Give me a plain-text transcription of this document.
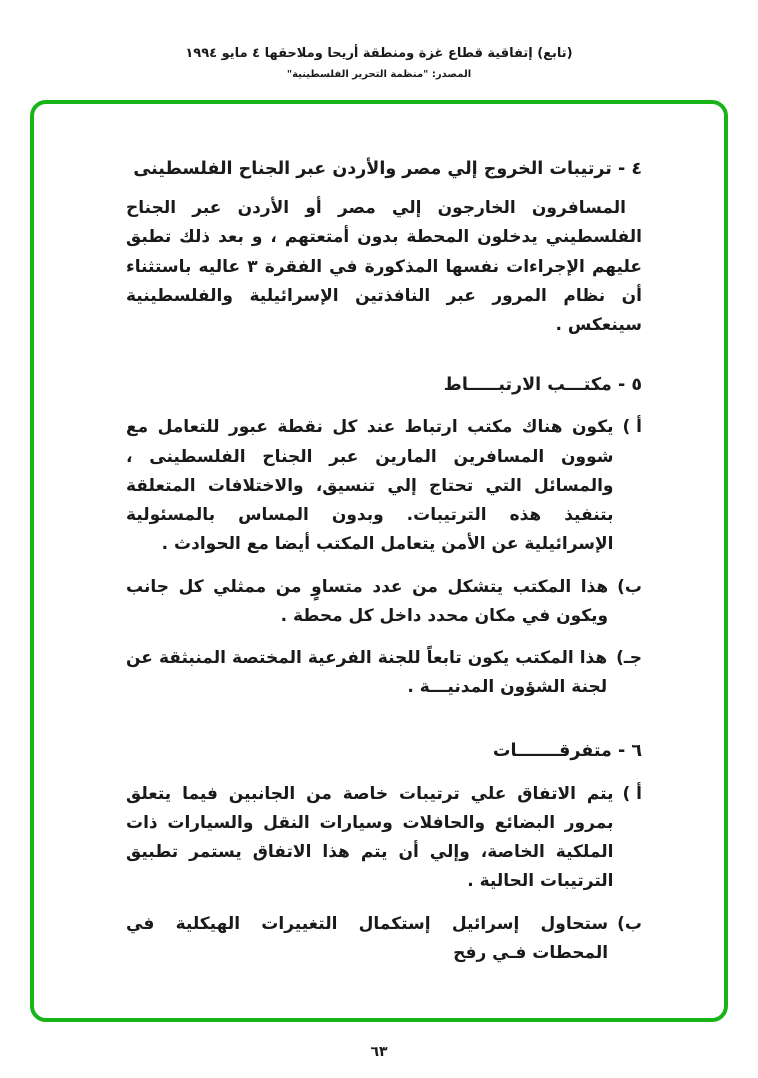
(تابع) إتفاقية قطاع غزة ومنطقة أريحا وملاحقها ٤ مايو ١٩٩٤
المصدر: "منظمة التحرير الفلسطينية"
٤ - ترتيبات الخروج إلي مصر والأردن عبر الجناح الفلسطينى

المسافرون الخارجون إلي مصر أو الأردن عبر الجناح الفلسطيني يدخلون المحطة بدون أمتعتهم ، و بعد ذلك تطبق عليهم الإجراءات نفسها المذكورة في الفقرة ٣ عاليه باستثناء أن نظام المرور عبر النافذتين الإسرائيلية والفلسطينية سينعكس .

٥ - مكتـــب الارتبـــــاط
أ )
يكون هناك مكتب ارتباط عند كل نقطة عبور للتعامل مع شوون المسافرين المارين عبر الجناح الفلسطينى ، والمسائل التي تحتاج إلي تنسيق، والاختلافات المتعلقة بتنفيذ هذه الترتيبات. وبدون المساس بالمسئولية الإسرائيلية عن الأمن يتعامل المكتب أيضا مع الحوادث .
ب)
هذا المكتب يتشكل من عدد متساوٍ من ممثلي كل جانب ويكون في مكان محدد داخل كل محطة .
جـ)
هذا المكتب يكون تابعاً للجنة الفرعية المختصة المنبثقة عن لجنة الشؤون المدنيـــة .
٦ - متفرقـــــــات
أ )
يتم الاتفاق علي ترتيبات خاصة من الجانبين فيما يتعلق بمرور البضائع والحافلات وسيارات النقل والسيارات ذات الملكية الخاصة، وإلي أن يتم هذا الاتفاق يستمر تطبيق الترتيبات الحالية .
ب)
ستحاول إسرائيل إستكمال التغييرات الهيكلية في المحطات فـي رفح
٦٣
